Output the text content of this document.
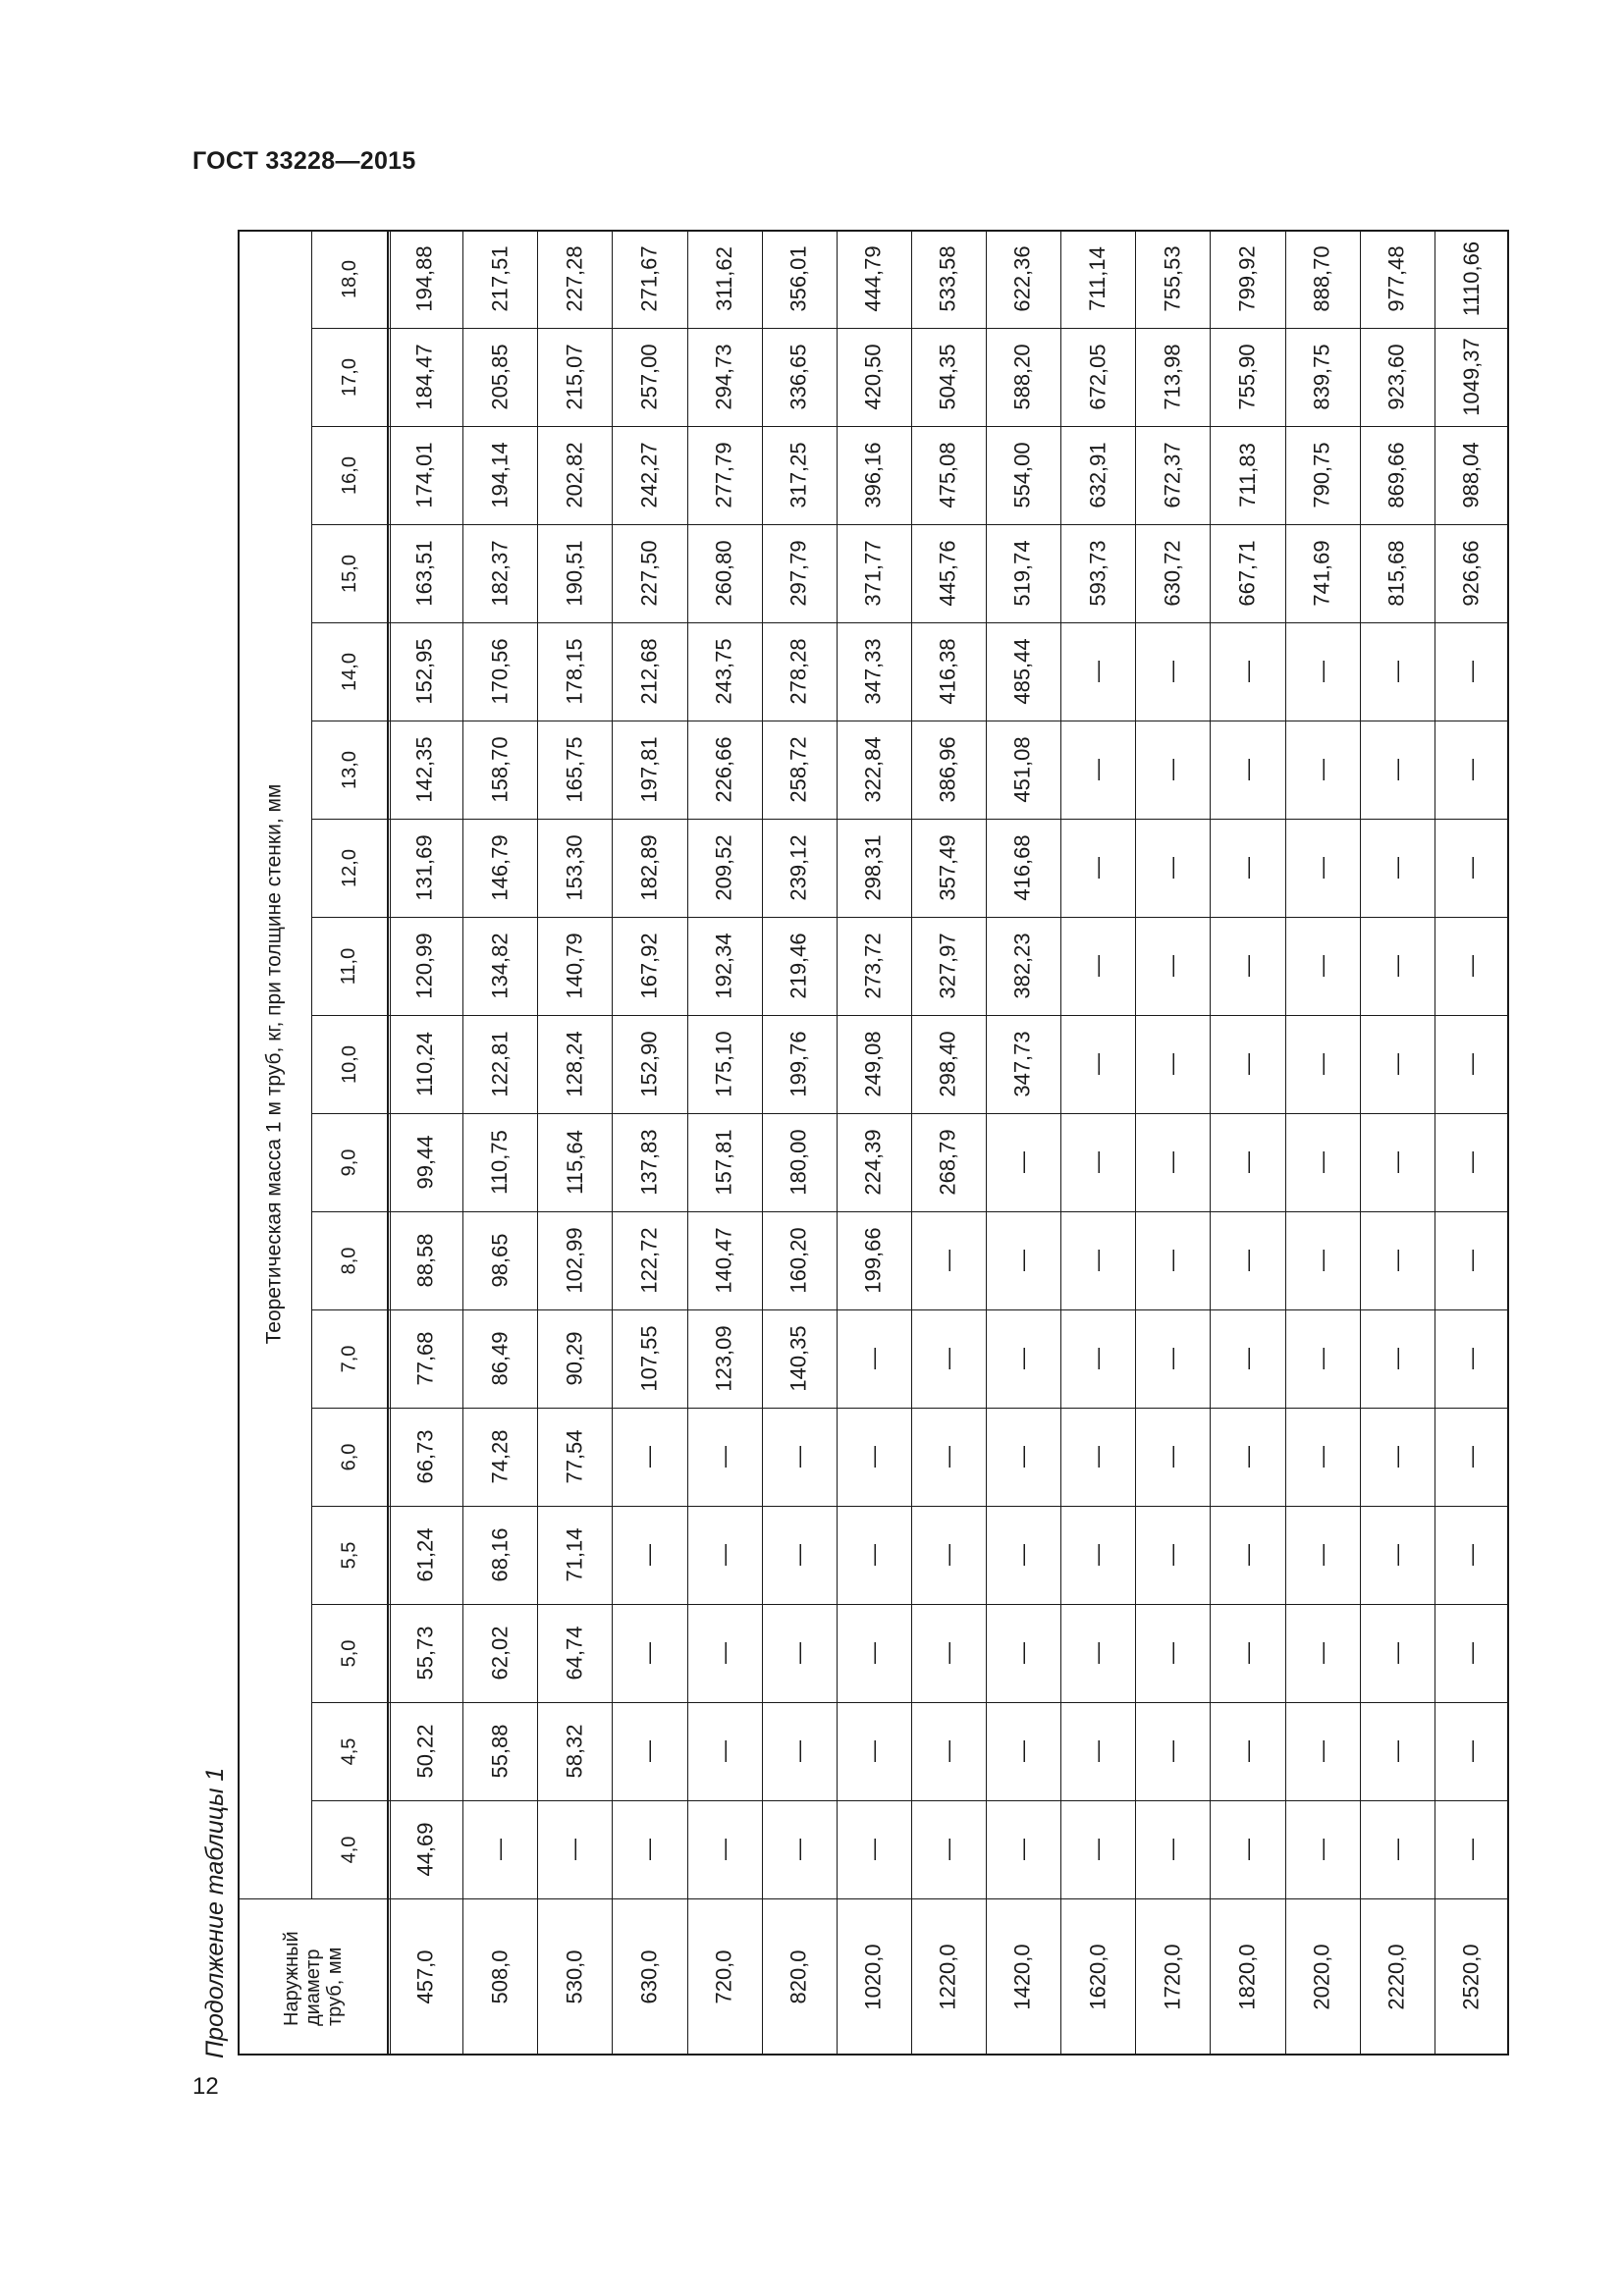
ГОСТ 33228—2015
Продолжение таблицы 1
12
Наружный диаметр труб, мм
Теоретическая масса 1 м труб, кг, при толщине стенки, мм
4,0
4,5
5,0
5,5
6,0
7,0
8,0
9,0
10,0
11,0
12,0
13,0
14,0
15,0
16,0
17,0
18,0
457,0
44,69
50,22
55,73
61,24
66,73
77,68
88,58
99,44
110,24
120,99
131,69
142,35
152,95
163,51
174,01
184,47
194,88
508,0
—
55,88
62,02
68,16
74,28
86,49
98,65
110,75
122,81
134,82
146,79
158,70
170,56
182,37
194,14
205,85
217,51
530,0
—
58,32
64,74
71,14
77,54
90,29
102,99
115,64
128,24
140,79
153,30
165,75
178,15
190,51
202,82
215,07
227,28
630,0
—
—
—
—
—
107,55
122,72
137,83
152,90
167,92
182,89
197,81
212,68
227,50
242,27
257,00
271,67
720,0
—
—
—
—
—
123,09
140,47
157,81
175,10
192,34
209,52
226,66
243,75
260,80
277,79
294,73
311,62
820,0
—
—
—
—
—
140,35
160,20
180,00
199,76
219,46
239,12
258,72
278,28
297,79
317,25
336,65
356,01
1020,0
—
—
—
—
—
—
199,66
224,39
249,08
273,72
298,31
322,84
347,33
371,77
396,16
420,50
444,79
1220,0
—
—
—
—
—
—
—
268,79
298,40
327,97
357,49
386,96
416,38
445,76
475,08
504,35
533,58
1420,0
—
—
—
—
—
—
—
—
347,73
382,23
416,68
451,08
485,44
519,74
554,00
588,20
622,36
1620,0
—
—
—
—
—
—
—
—
—
—
—
—
—
593,73
632,91
672,05
711,14
1720,0
—
—
—
—
—
—
—
—
—
—
—
—
—
630,72
672,37
713,98
755,53
1820,0
—
—
—
—
—
—
—
—
—
—
—
—
—
667,71
711,83
755,90
799,92
2020,0
—
—
—
—
—
—
—
—
—
—
—
—
—
741,69
790,75
839,75
888,70
2220,0
—
—
—
—
—
—
—
—
—
—
—
—
—
815,68
869,66
923,60
977,48
2520,0
—
—
—
—
—
—
—
—
—
—
—
—
—
926,66
988,04
1049,37
1110,66
